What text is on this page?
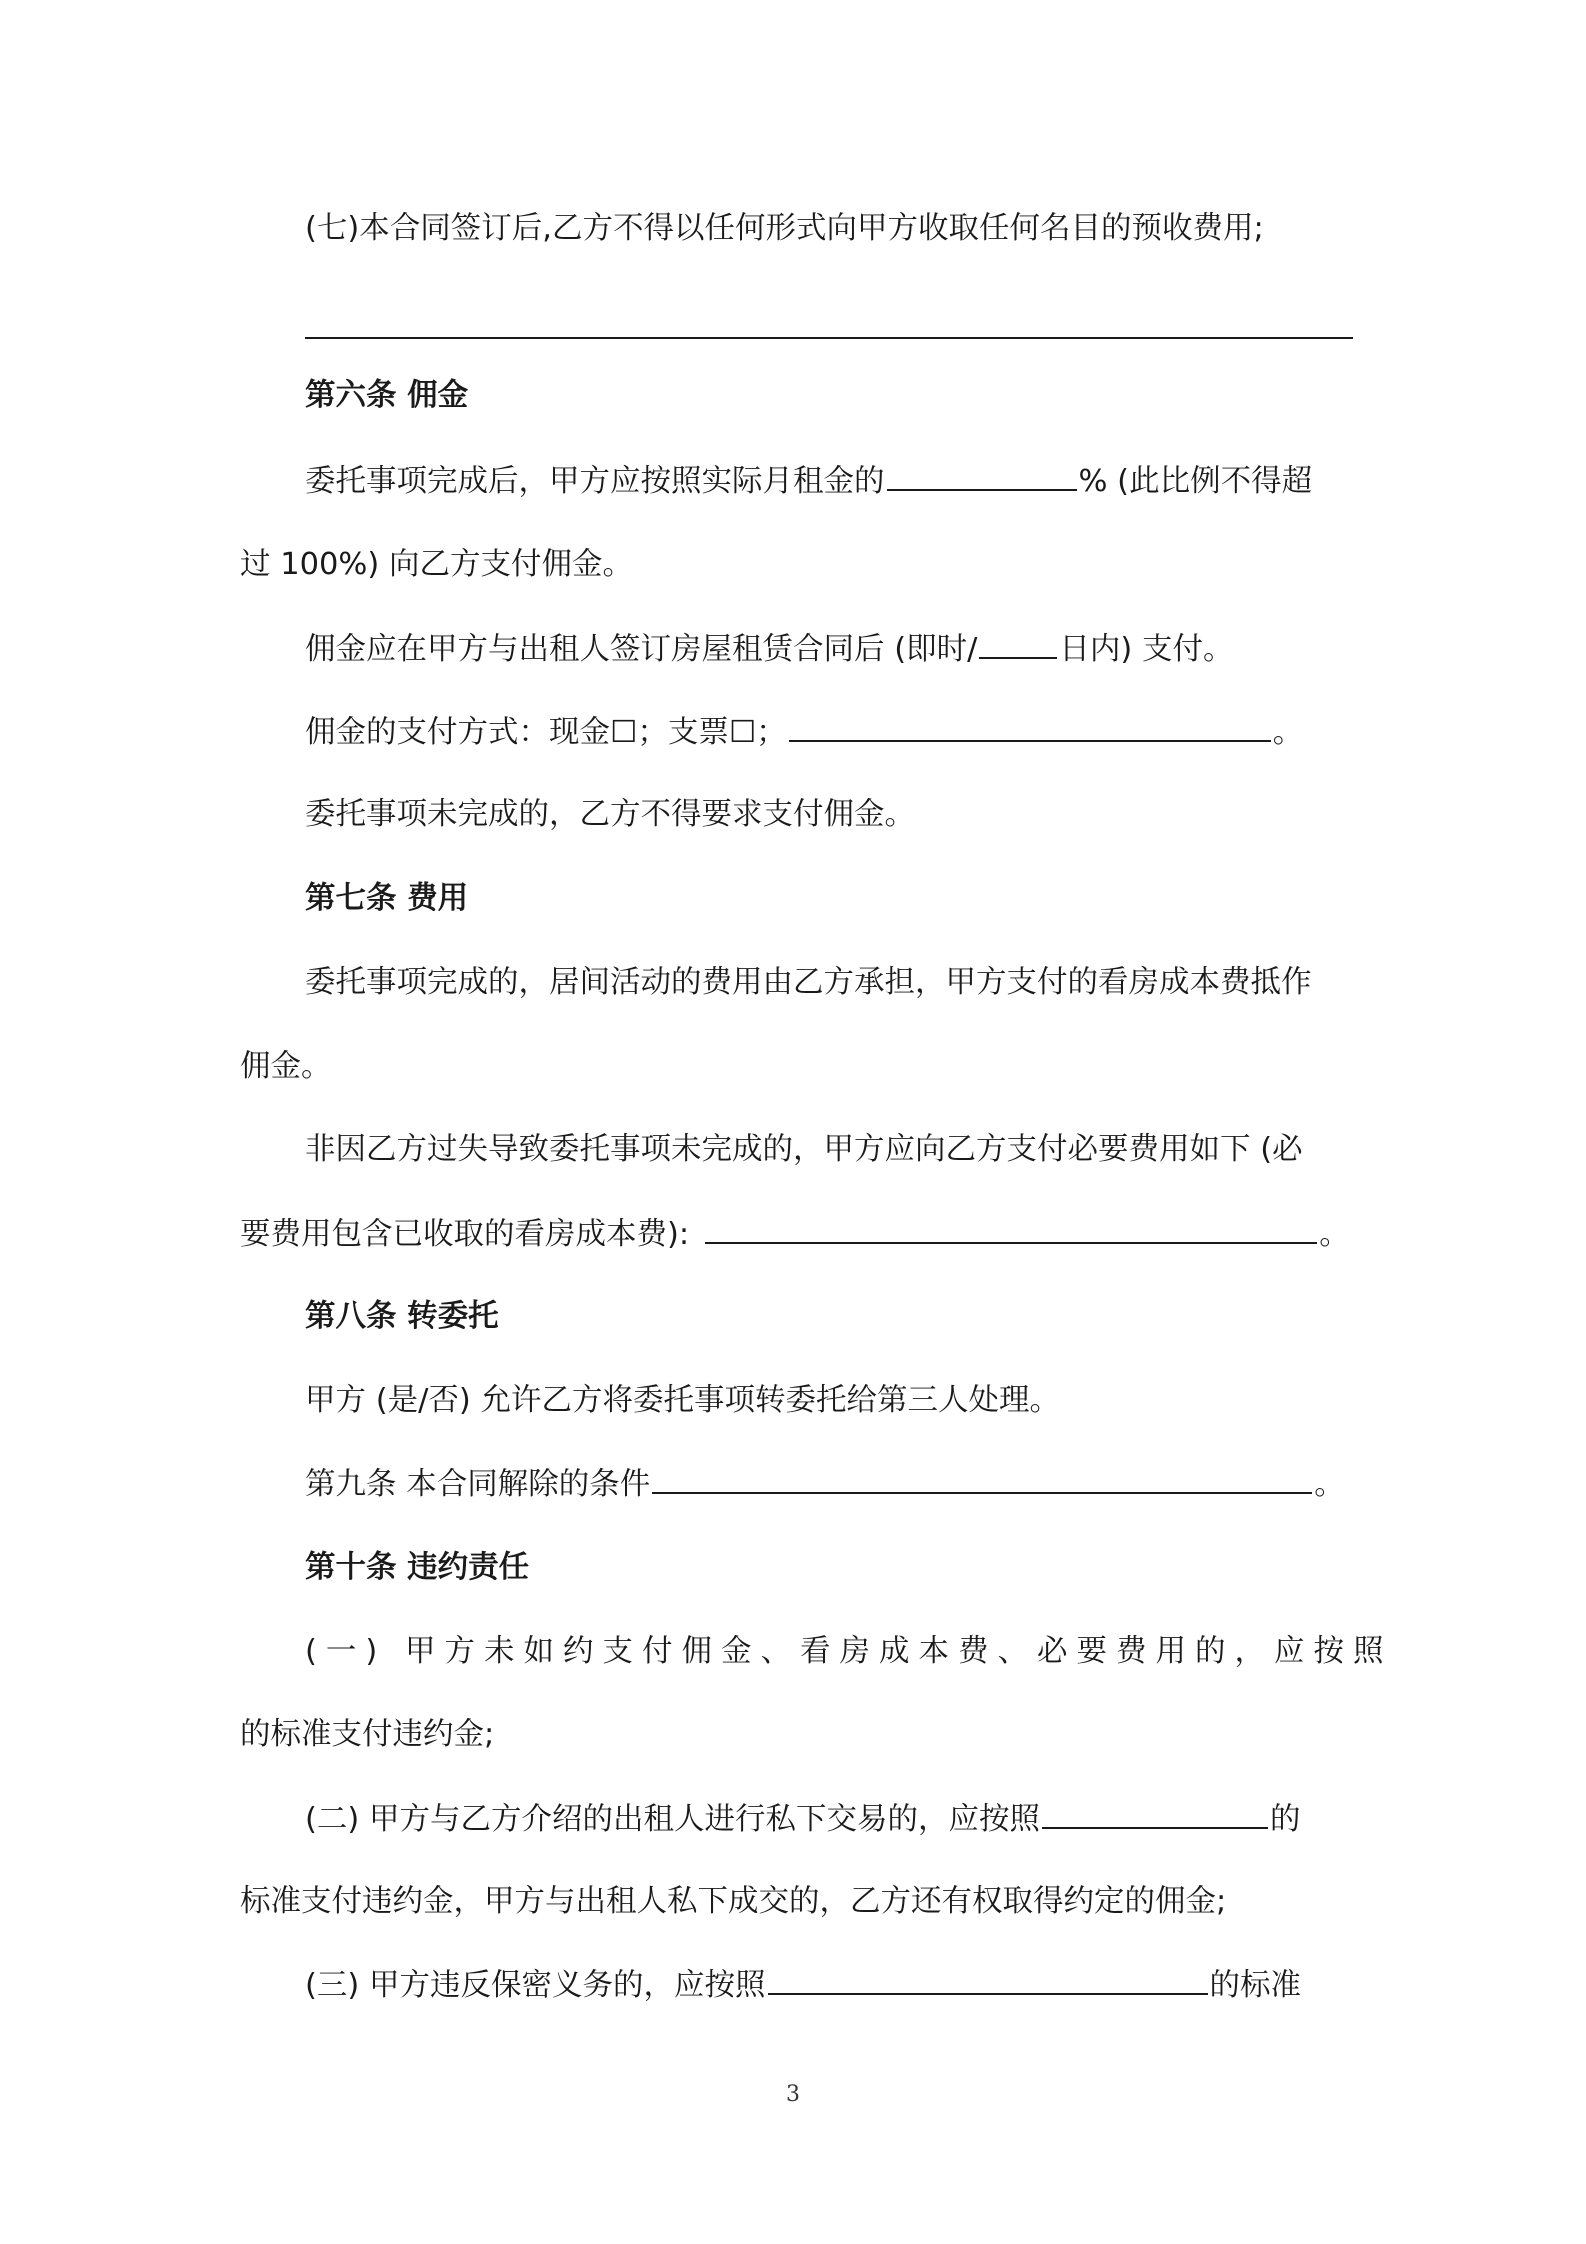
(七)本合同签订后,乙方不得以任何形式向甲方收取任何名目的预收费用;
第六条 佣金
委托事项完成后，甲方应按照实际月租金的	% (此比例不得超
过 100%) 向乙方支付佣金。
佣金应在甲方与出租人签订房屋租赁合同后 (即时/	日内) 支付。
佣金的支付方式：现金☐；支票☐；	。
委托事项未完成的，乙方不得要求支付佣金。
第七条 费用
委托事项完成的，居间活动的费用由乙方承担，甲方支付的看房成本费抵作
佣金。
非因乙方过失导致委托事项未完成的，甲方应向乙方支付必要费用如下 (必
要费用包含已收取的看房成本费):	。
第八条 转委托
甲方 (是/否) 允许乙方将委托事项转委托给第三人处理。
第九条 本合同解除的条件	。
第十条 违约责任
(一) 甲方未如约支付佣金、看房成本费、必要费用的，应按照
的标准支付违约金;
(二) 甲方与乙方介绍的出租人进行私下交易的，应按照	的
标准支付违约金，甲方与出租人私下成交的，乙方还有权取得约定的佣金;
(三) 甲方违反保密义务的，应按照	的标准
3
